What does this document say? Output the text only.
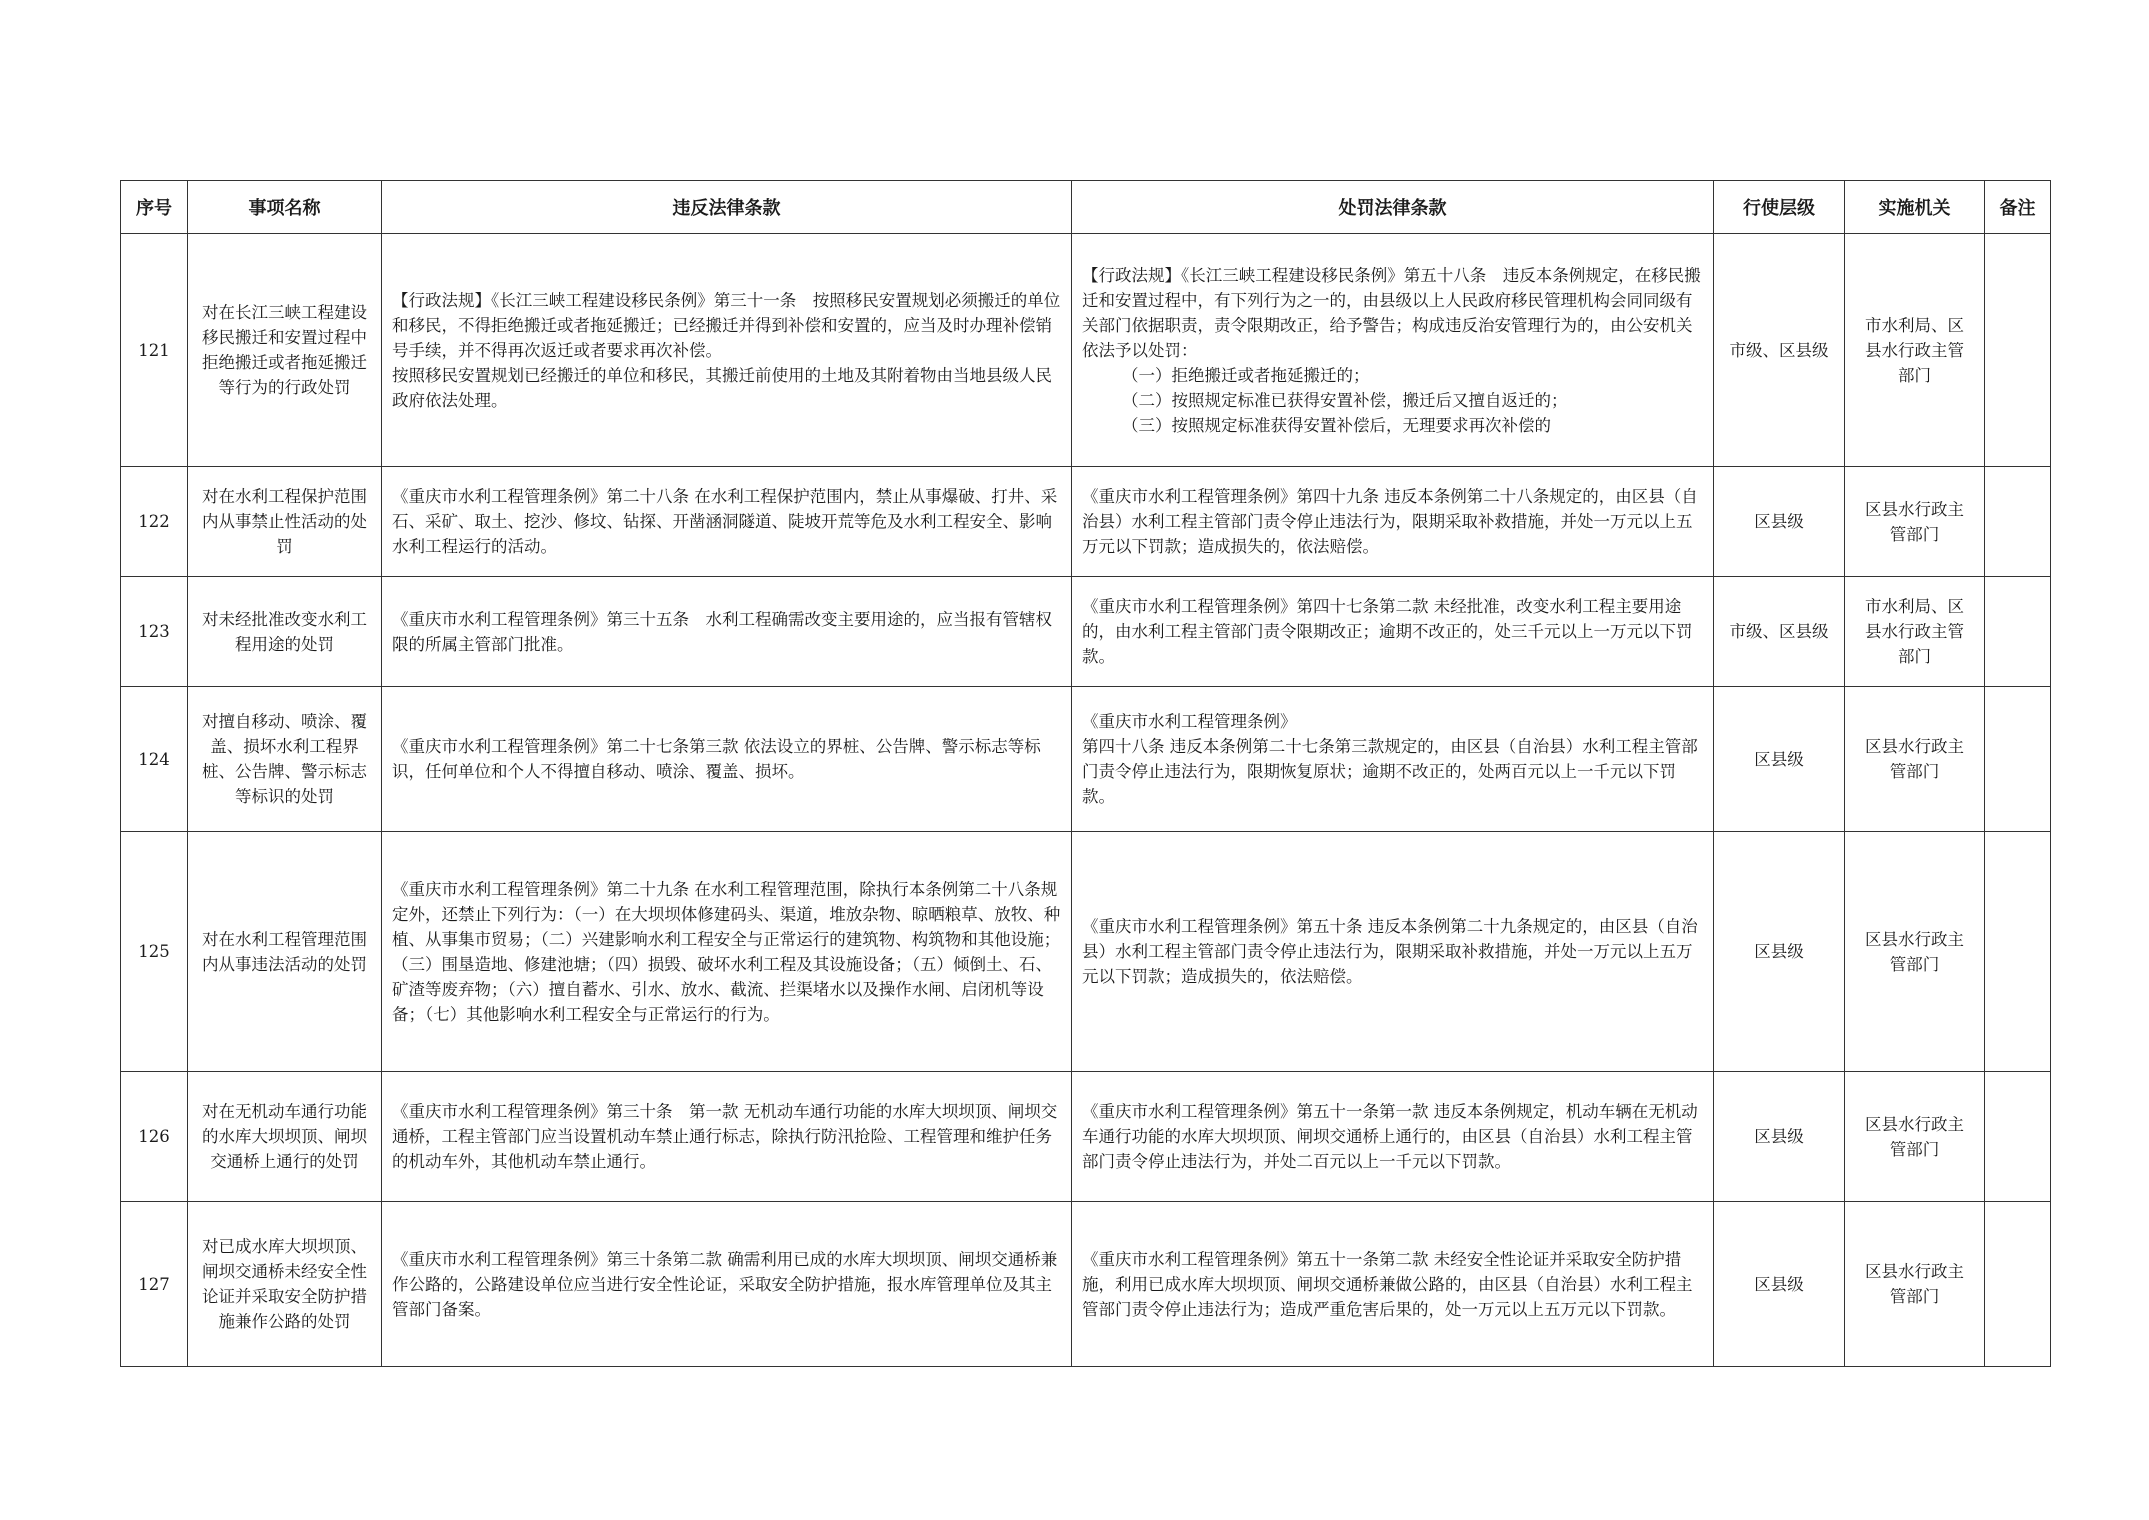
序号	事项名称	违反法律条款	处罚法律条款	行使层级	实施机关	备注
121	对在长江三峡工程建设移民搬迁和安置过程中拒绝搬迁或者拖延搬迁等行为的行政处罚	【行政法规】《长江三峡工程建设移民条例》第三十一条　按照移民安置规划必须搬迁的单位和移民，不得拒绝搬迁或者拖延搬迁；已经搬迁并得到补偿和安置的，应当及时办理补偿销号手续，并不得再次返迁或者要求再次补偿。
按照移民安置规划已经搬迁的单位和移民，其搬迁前使用的土地及其附着物由当地县级人民政府依法处理。	【行政法规】《长江三峡工程建设移民条例》第五十八条　违反本条例规定，在移民搬迁和安置过程中，有下列行为之一的，由县级以上人民政府移民管理机构会同同级有关部门依据职责，责令限期改正，给予警告；构成违反治安管理行为的，由公安机关依法予以处罚：
（一）拒绝搬迁或者拖延搬迁的；
（二）按照规定标准已获得安置补偿，搬迁后又擅自返迁的；
（三）按照规定标准获得安置补偿后，无理要求再次补偿的	市级、区县级	市水利局、区县水行政主管部门	
122	对在水利工程保护范围内从事禁止性活动的处罚	《重庆市水利工程管理条例》第二十八条 在水利工程保护范围内，禁止从事爆破、打井、采石、采矿、取土、挖沙、修坟、钻探、开凿涵洞隧道、陡坡开荒等危及水利工程安全、影响水利工程运行的活动。	《重庆市水利工程管理条例》第四十九条 违反本条例第二十八条规定的，由区县（自治县）水利工程主管部门责令停止违法行为，限期采取补救措施，并处一万元以上五万元以下罚款；造成损失的，依法赔偿。	区县级	区县水行政主管部门	
123	对未经批准改变水利工程用途的处罚	《重庆市水利工程管理条例》第三十五条　水利工程确需改变主要用途的，应当报有管辖权限的所属主管部门批准。	《重庆市水利工程管理条例》第四十七条第二款 未经批准，改变水利工程主要用途的，由水利工程主管部门责令限期改正；逾期不改正的，处三千元以上一万元以下罚款。	市级、区县级	市水利局、区县水行政主管部门	
124	对擅自移动、喷涂、覆盖、损坏水利工程界桩、公告牌、警示标志等标识的处罚	《重庆市水利工程管理条例》第二十七条第三款 依法设立的界桩、公告牌、警示标志等标识，任何单位和个人不得擅自移动、喷涂、覆盖、损坏。	《重庆市水利工程管理条例》
第四十八条 违反本条例第二十七条第三款规定的，由区县（自治县）水利工程主管部门责令停止违法行为，限期恢复原状；逾期不改正的，处两百元以上一千元以下罚款。	区县级	区县水行政主管部门	
125	对在水利工程管理范围内从事违法活动的处罚	《重庆市水利工程管理条例》第二十九条 在水利工程管理范围，除执行本条例第二十八条规定外，还禁止下列行为：（一）在大坝坝体修建码头、渠道，堆放杂物、晾晒粮草、放牧、种植、从事集市贸易；（二）兴建影响水利工程安全与正常运行的建筑物、构筑物和其他设施；（三）围垦造地、修建池塘；（四）损毁、破坏水利工程及其设施设备；（五）倾倒土、石、矿渣等废弃物；（六）擅自蓄水、引水、放水、截流、拦渠堵水以及操作水闸、启闭机等设备；（七）其他影响水利工程安全与正常运行的行为。	《重庆市水利工程管理条例》第五十条 违反本条例第二十九条规定的，由区县（自治县）水利工程主管部门责令停止违法行为，限期采取补救措施，并处一万元以上五万元以下罚款；造成损失的，依法赔偿。	区县级	区县水行政主管部门	
126	对在无机动车通行功能的水库大坝坝顶、闸坝交通桥上通行的处罚	《重庆市水利工程管理条例》第三十条　第一款 无机动车通行功能的水库大坝坝顶、闸坝交通桥，工程主管部门应当设置机动车禁止通行标志，除执行防汛抢险、工程管理和维护任务的机动车外，其他机动车禁止通行。	《重庆市水利工程管理条例》第五十一条第一款 违反本条例规定，机动车辆在无机动车通行功能的水库大坝坝顶、闸坝交通桥上通行的，由区县（自治县）水利工程主管部门责令停止违法行为，并处二百元以上一千元以下罚款。	区县级	区县水行政主管部门	
127	对已成水库大坝坝顶、闸坝交通桥未经安全性论证并采取安全防护措施兼作公路的处罚	《重庆市水利工程管理条例》第三十条第二款 确需利用已成的水库大坝坝顶、闸坝交通桥兼作公路的，公路建设单位应当进行安全性论证，采取安全防护措施，报水库管理单位及其主管部门备案。	《重庆市水利工程管理条例》第五十一条第二款 未经安全性论证并采取安全防护措施，利用已成水库大坝坝顶、闸坝交通桥兼做公路的，由区县（自治县）水利工程主管部门责令停止违法行为；造成严重危害后果的，处一万元以上五万元以下罚款。	区县级	区县水行政主管部门	
